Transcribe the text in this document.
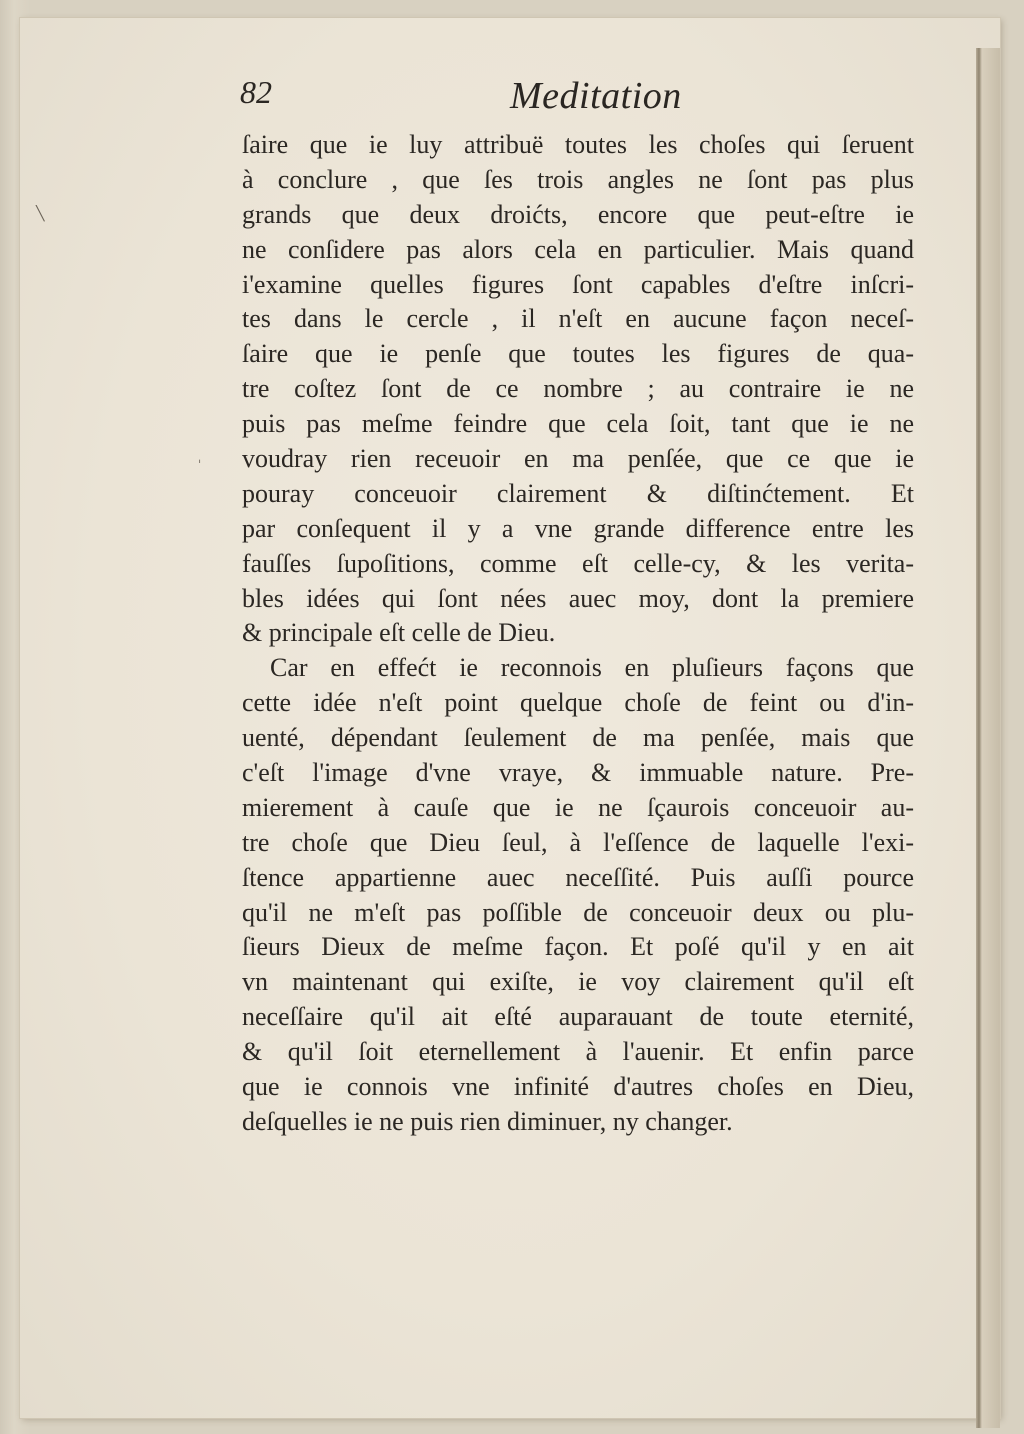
82	Meditation
╲
ˈ
ſaire que ie luy attribuë toutes les choſes qui ſeruent
à conclure , que ſes trois angles ne ſont pas plus
grands que deux droićts, encore que peut-eſtre ie
ne conſidere pas alors cela en particulier. Mais quand
i'examine quelles figures ſont capables d'eſtre inſcri-
tes dans le cercle , il n'eſt en aucune façon neceſ-
ſaire que ie penſe que toutes les figures de qua-
tre coſtez ſont de ce nombre ; au contraire ie ne
puis pas meſme feindre que cela ſoit, tant que ie ne
voudray rien receuoir en ma penſée, que ce que ie
pouray conceuoir clairement & diſtinćtement. Et
par conſequent il y a vne grande difference entre les
fauſſes ſupoſitions, comme eſt celle-cy, & les verita-
bles idées qui ſont nées auec moy, dont la premiere
& principale eſt celle de Dieu.
Car en effećt ie reconnois en pluſieurs façons que
cette idée n'eſt point quelque choſe de feint ou d'in-
uenté, dépendant ſeulement de ma penſée, mais que
c'eſt l'image d'vne vraye, & immuable nature. Pre-
mierement à cauſe que ie ne ſçaurois conceuoir au-
tre choſe que Dieu ſeul, à l'eſſence de laquelle l'exi-
ſtence appartienne auec neceſſité. Puis auſſi pource
qu'il ne m'eſt pas poſſible de conceuoir deux ou plu-
ſieurs Dieux de meſme façon. Et poſé qu'il y en ait
vn maintenant qui exiſte, ie voy clairement qu'il eſt
neceſſaire qu'il ait eſté auparauant de toute eternité,
& qu'il ſoit eternellement à l'auenir. Et enfin parce
que ie connois vne infinité d'autres choſes en Dieu,
deſquelles ie ne puis rien diminuer, ny changer.
